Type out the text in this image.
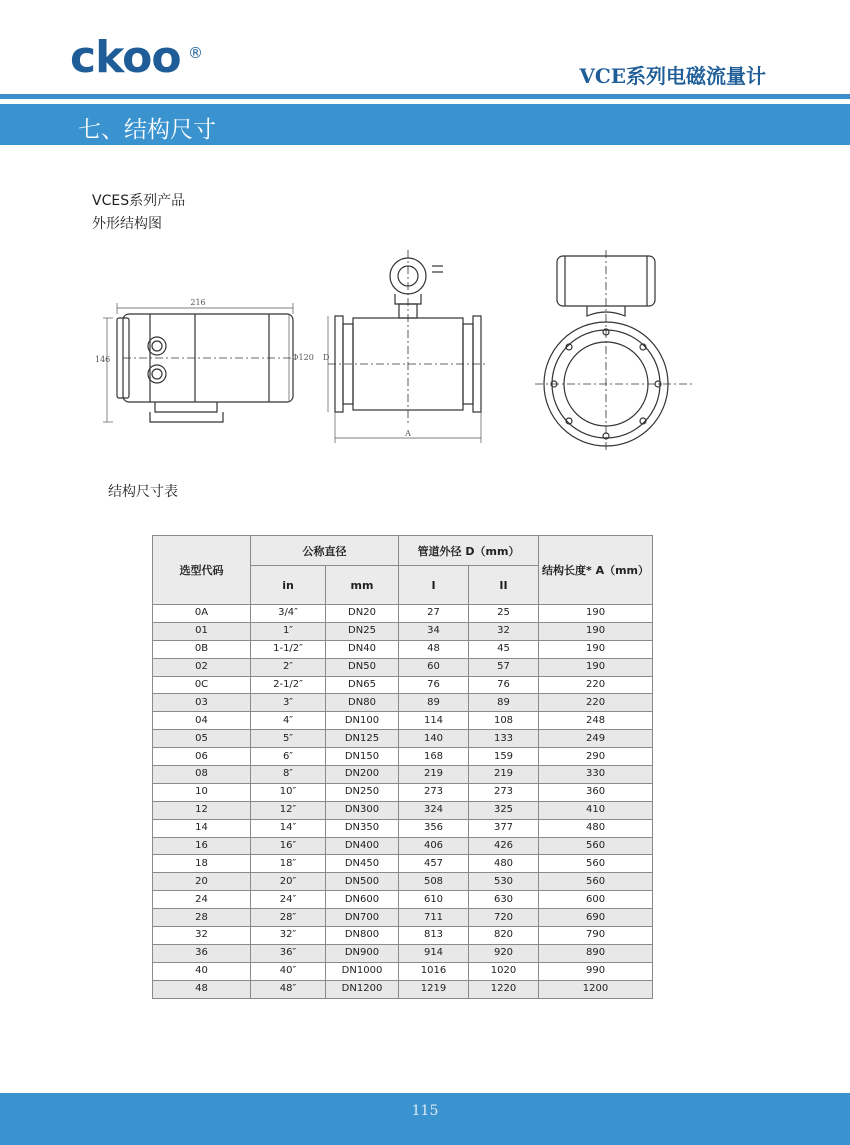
ckoo ®
VCE系列电磁流量计
七、结构尺寸
VCES系列产品
外形结构图
216
146	Φ120 D
A
结构尺寸表
选型代码	公称直径		管道外径 D（mm）		结构长度* A（mm）
	in	mm	I	II	
0A	3/4″	DN20	27	25	190
01	1″	DN25	34	32	190
0B	1-1/2″	DN40	48	45	190
02	2″	DN50	60	57	190
0C	2-1/2″	DN65	76	76	220
03	3″	DN80	89	89	220
04	4″	DN100	114	108	248
05	5″	DN125	140	133	249
06	6″	DN150	168	159	290
08	8″	DN200	219	219	330
10	10″	DN250	273	273	360
12	12″	DN300	324	325	410
14	14″	DN350	356	377	480
16	16″	DN400	406	426	560
18	18″	DN450	457	480	560
20	20″	DN500	508	530	560
24	24″	DN600	610	630	600
28	28″	DN700	711	720	690
32	32″	DN800	813	820	790
36	36″	DN900	914	920	890
40	40″	DN1000	1016	1020	990
48	48″	DN1200	1219	1220	1200
115
